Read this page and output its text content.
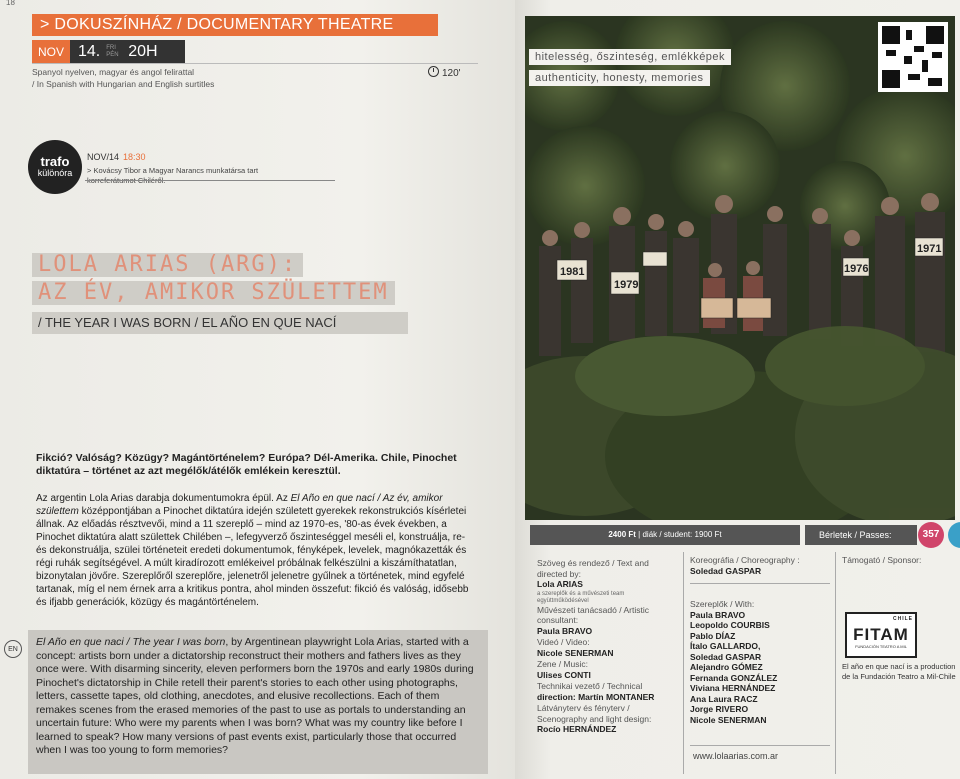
18
> DOKUSZÍNHÁZ / DOCUMENTARY THEATRE
NOV 14. FRI PÉN 20H
Spanyol nyelven, magyar és angol felirattal
/ In Spanish with Hungarian and English surtitles
120'
trafo
különóra
NOV/14 18:30
> Kovácsy Tibor a Magyar Narancs munkatársa tart korreferátumot Chiléről.
LOLA ARIAS (ARG):
AZ ÉV, AMIKOR SZÜLETTEM
/ THE YEAR I WAS BORN / EL AÑO EN QUE NACÍ
Fikció? Valóság? Közügy? Magántörténelem? Európa? Dél-Amerika. Chile, Pinochet diktatúra – történet az azt megélők/átélők emlékein keresztül.
Az argentin Lola Arias darabja dokumentumokra épül. Az El Año en que nací / Az év, amikor születtem középpontjában a Pinochet diktatúra idején született gyerekek rekonstrukciós kísérletei állnak. Az előadás résztvevői, mind a 11 szereplő – mind az 1970-es, '80-as évek években, a Pinochet diktatúra alatt születtek Chilében –, lefegyverző őszinteséggel meséli el, konstruálja, re- és dekonstruálja, szülei történeteit eredeti dokumentumok, fényképek, levelek, magnókazetták és régi ruhák segítségével. A múlt kiradírozott emlékeivel próbálnak felkészülni a kiszámíthatatlan, bizonytalan jövőre. Szereplőről szereplőre, jelenetről jelenetre gyűlnek a történetek, mind egyfelé tartanak, míg el nem érnek arra a kritikus pontra, ahol minden összefut: fikció és valóság, idősebb és ifjabb generációk, közügy és magántörténelem.
EN
El Año en que naci / The year I was born, by Argentinean playwright Lola Arias, started with a concept: artists born under a dictatorship reconstruct their mothers and fathers lives as they once were. With disarming sincerity, eleven performers born the 1970s and early 1980s during Pinochet's dictatorship in Chile retell their parent's stories to each other using photographs, letters, cassette tapes, old clothing, anecdotes, and elusive recollections. Each of them remakes scenes from the erased memories of the past to use as portals to understanding an uncertain future: Who were my parents when I was born? What was my country like before I learned to speak? How many versions of past events exist, particularly those that occurred when I was too young to form memories?
1981
1979
1976
1971
hitelesség, őszinteség, emlékképek
authenticity, honesty, memories
2400 Ft | diák / student: 1900 Ft	Bérletek / Passes:	357
Szöveg és rendező / Text and directed by:
Lola ARIAS
a szereplők és a művészeti team együttműködésével
Művészeti tanácsadó / Artistic consultant:
Paula BRAVO
Videó / Video:
Nicole SENERMAN
Zene / Music:
Ulises CONTI
Technikai vezető / Technical
direction: Martín MONTANER
Látványterv és fényterv / Scenography and light design:
Rocío HERNÁNDEZ
Koreográfia / Choreography :
Soledad GASPAR
Szereplők / With:
Paula BRAVO
Leopoldo COURBIS
Pablo DÍAZ
Ítalo GALLARDO,
Soledad GASPAR
Alejandro GÓMEZ
Fernanda GONZÁLEZ
Viviana HERNÁNDEZ
Ana Laura RACZ
Jorge RIVERO
Nicole SENERMAN
www.lolaarias.com.ar
Támogató / Sponsor:
FITAM
CHILE
FUNDACIÓN TEATRO A MIL
El año en que nací is a production de la Fundación Teatro a Mil-Chile
